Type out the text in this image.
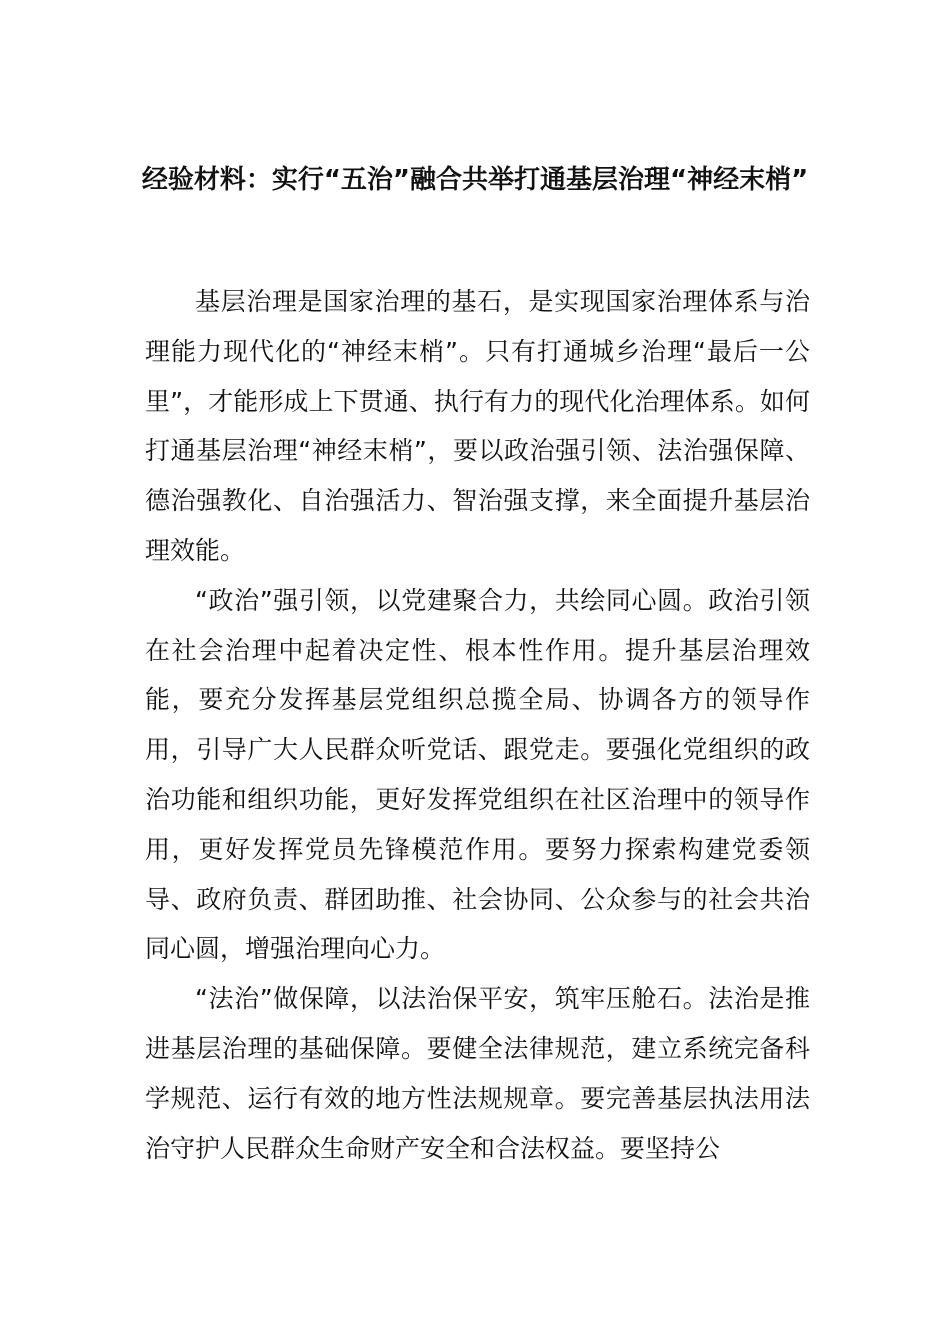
经验材料：实行“五治”融合共举打通基层治理“神经末梢”

基层治理是国家治理的基石，是实现国家治理体系与治理能力现代化的“神经末梢”。只有打通城乡治理“最后一公里”，才能形成上下贯通、执行有力的现代化治理体系。如何打通基层治理“神经末梢”，要以政治强引领、法治强保障、德治强教化、自治强活力、智治强支撑，来全面提升基层治理效能。

“政治”强引领，以党建聚合力，共绘同心圆。政治引领在社会治理中起着决定性、根本性作用。提升基层治理效能，要充分发挥基层党组织总揽全局、协调各方的领导作用，引导广大人民群众听党话、跟党走。要强化党组织的政治功能和组织功能，更好发挥党组织在社区治理中的领导作用，更好发挥党员先锋模范作用。要努力探索构建党委领导、政府负责、群团助推、社会协同、公众参与的社会共治同心圆，增强治理向心力。

“法治”做保障，以法治保平安，筑牢压舱石。法治是推进基层治理的基础保障。要健全法律规范，建立系统完备科学规范、运行有效的地方性法规规章。要完善基层执法用法治守护人民群众生命财产安全和合法权益。要坚持公
